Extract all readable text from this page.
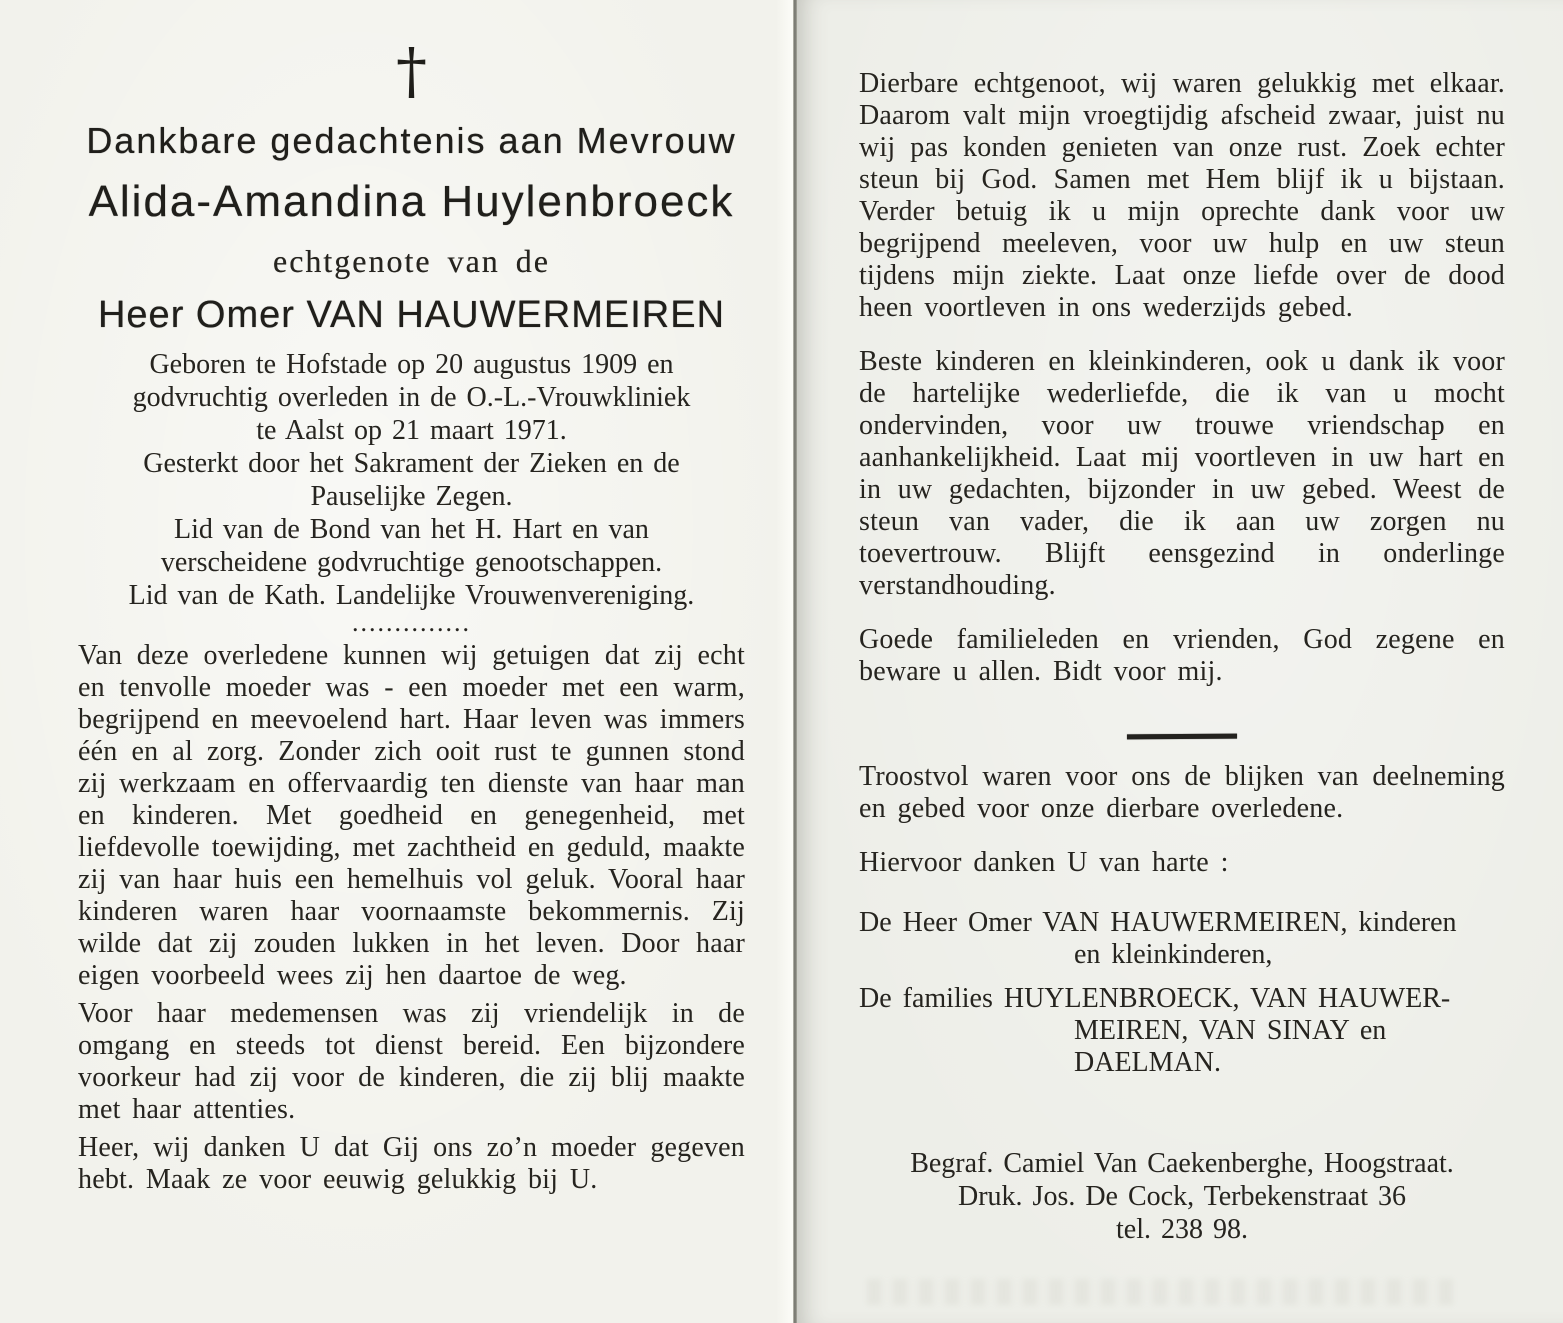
†
Dankbare gedachtenis aan Mevrouw
Alida-Amandina Huylenbroeck
echtgenote van de
Heer Omer VAN HAUWERMEIREN
Geboren te Hofstade op 20 augustus 1909 en
godvruchtig overleden in de O.-L.-Vrouwkliniek
te Aalst op 21 maart 1971.
Gesterkt door het Sakrament der Zieken en de
Pauselijke Zegen.
Lid van de Bond van het H. Hart en van
verscheidene godvruchtige genootschappen.
Lid van de Kath. Landelijke Vrouwenvereniging.
..............

Van deze overledene kunnen wij getuigen dat zij echt en tenvolle moeder was - een moeder met een warm, begrijpend en meevoelend hart. Haar leven was immers één en al zorg. Zonder zich ooit rust te gunnen stond zij werkzaam en offervaardig ten dienste van haar man en kinderen. Met goedheid en genegenheid, met liefdevolle toewijding, met zachtheid en geduld, maakte zij van haar huis een hemelhuis vol geluk. Vooral haar kinderen waren haar voornaamste bekommernis. Zij wilde dat zij zouden lukken in het leven. Door haar eigen voorbeeld wees zij hen daartoe de weg.

Voor haar medemensen was zij vriendelijk in de omgang en steeds tot dienst bereid. Een bijzondere voorkeur had zij voor de kinderen, die zij blij maakte met haar attenties.

Heer, wij danken U dat Gij ons zo’n moeder gegeven hebt. Maak ze voor eeuwig gelukkig bij U.

Dierbare echtgenoot, wij waren gelukkig met elkaar. Daarom valt mijn vroegtijdig afscheid zwaar, juist nu wij pas konden genieten van onze rust. Zoek echter steun bij God. Samen met Hem blijf ik u bijstaan. Verder betuig ik u mijn oprechte dank voor uw begrijpend meeleven, voor uw hulp en uw steun tijdens mijn ziekte. Laat onze liefde over de dood heen voortleven in ons wederzijds gebed.

Beste kinderen en kleinkinderen, ook u dank ik voor de hartelijke wederliefde, die ik van u mocht ondervinden, voor uw trouwe vriendschap en aanhankelijkheid. Laat mij voortleven in uw hart en in uw gedachten, bijzonder in uw gebed. Weest de steun van vader, die ik aan uw zorgen nu toevertrouw. Blijft eensgezind in onderlinge verstandhouding.

Goede familieleden en vrienden, God zegene en beware u allen. Bidt voor mij.

Troostvol waren voor ons de blijken van deelneming en gebed voor onze dierbare overledene.

Hiervoor danken U van harte :

De Heer Omer VAN HAUWERMEIREN, kinderen
en kleinkinderen,
De families HUYLENBROECK, VAN HAUWER-
MEIREN, VAN SINAY en DAELMAN.
Begraf. Camiel Van Caekenberghe, Hoogstraat.
Druk. Jos. De Cock, Terbekenstraat 36
tel. 238 98.
